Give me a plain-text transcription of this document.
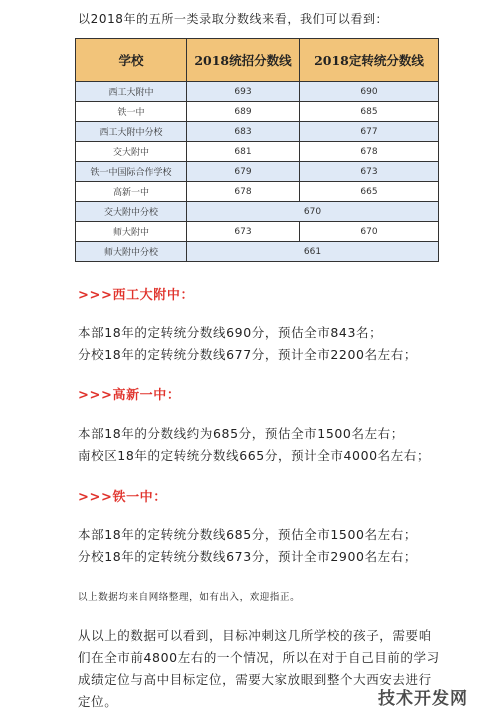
以2018年的五所一类录取分数线来看，我们可以看到：

学校	2018统招分数线	2018定转统分数线
西工大附中	693	690
铁一中	689	685
西工大附中分校	683	677
交大附中	681	678
铁一中国际合作学校	679	673
高新一中	678	665
交大附中分校	670	
师大附中	673	670
师大附中分校	661	

>>>西工大附中：

本部18年的定转统分数线690分，预估全市843名；

分校18年的定转统分数线677分，预计全市2200名左右；

>>>高新一中：

本部18年的分数线约为685分，预估全市1500名左右；

南校区18年的定转统分数线665分，预计全市4000名左右；

>>>铁一中：

本部18年的定转统分数线685分，预估全市1500名左右；

分校18年的定转统分数线673分，预计全市2900名左右；

以上数据均来自网络整理，如有出入，欢迎指正。

从以上的数据可以看到，目标冲刺这几所学校的孩子，需要咱
们在全市前4800左右的一个情况，所以在对于自己目前的学习
成绩定位与高中目标定位，需要大家放眼到整个大西安去进行
定位。	技术开发网
